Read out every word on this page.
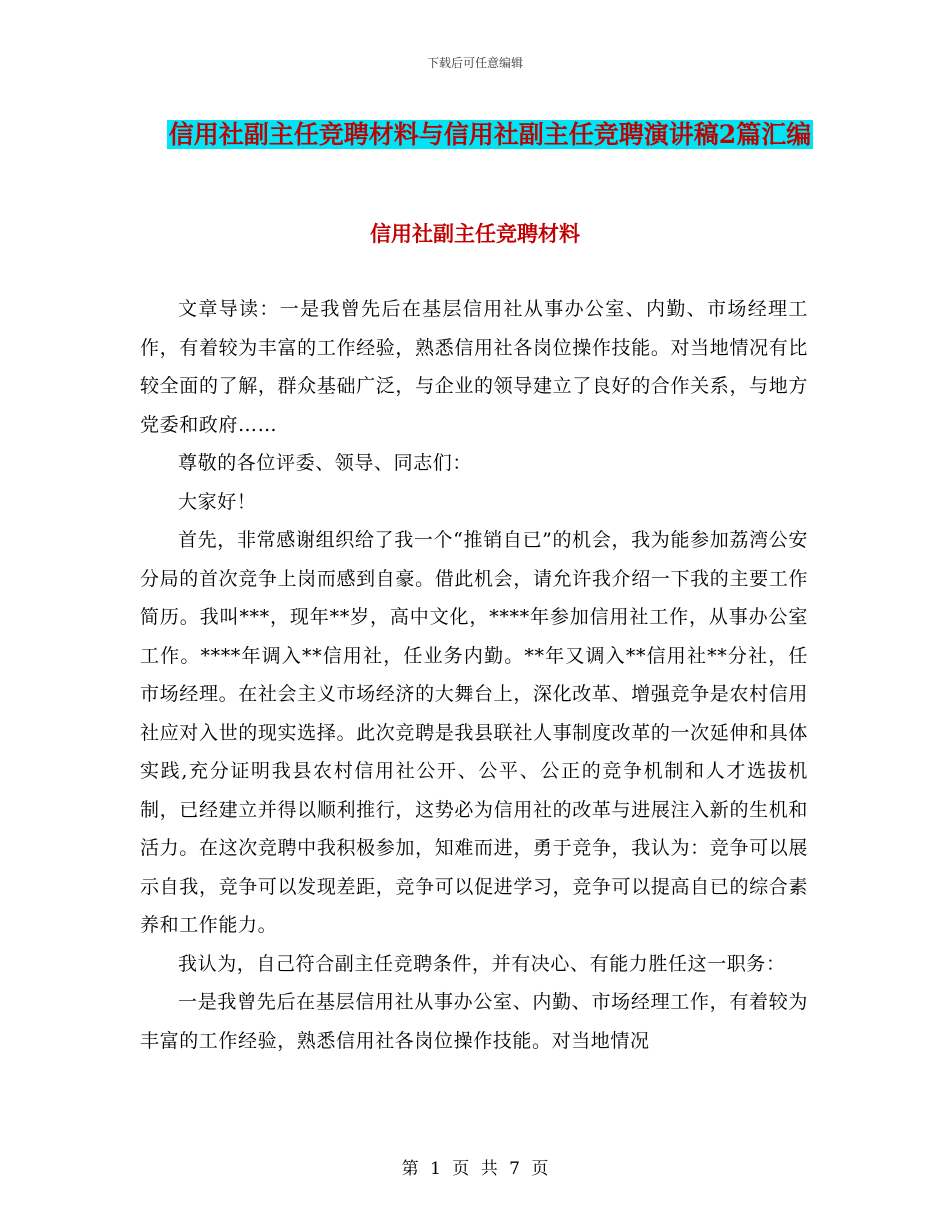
下载后可任意编辑
信用社副主任竞聘材料与信用社副主任竞聘演讲稿2篇汇编
信用社副主任竞聘材料

文章导读：一是我曾先后在基层信用社从事办公室、内勤、市场经理工作，有着较为丰富的工作经验，熟悉信用社各岗位操作技能。对当地情况有比较全面的了解，群众基础广泛，与企业的领导建立了良好的合作关系，与地方党委和政府……

尊敬的各位评委、领导、同志们：

大家好！

首先，非常感谢组织给了我一个“推销自已”的机会，我为能参加荔湾公安分局的首次竞争上岗而感到自豪。借此机会，请允许我介绍一下我的主要工作简历。我叫***，现年**岁，高中文化，****年参加信用社工作，从事办公室工作。****年调入**信用社，任业务内勤。**年又调入**信用社**分社，任市场经理。在社会主义市场经济的大舞台上，深化改革、增强竞争是农村信用社应对入世的现实选择。此次竞聘是我县联社人事制度改革的一次延伸和具体实践,充分证明我县农村信用社公开、公平、公正的竞争机制和人才选拔机制，已经建立并得以顺利推行，这势必为信用社的改革与进展注入新的生机和活力。在这次竞聘中我积极参加，知难而进，勇于竞争，我认为：竞争可以展示自我，竞争可以发现差距，竞争可以促进学习，竞争可以提高自已的综合素养和工作能力。

我认为，自己符合副主任竞聘条件，并有决心、有能力胜任这一职务：

一是我曾先后在基层信用社从事办公室、内勤、市场经理工作，有着较为丰富的工作经验，熟悉信用社各岗位操作技能。对当地情况

第 1 页 共 7 页
